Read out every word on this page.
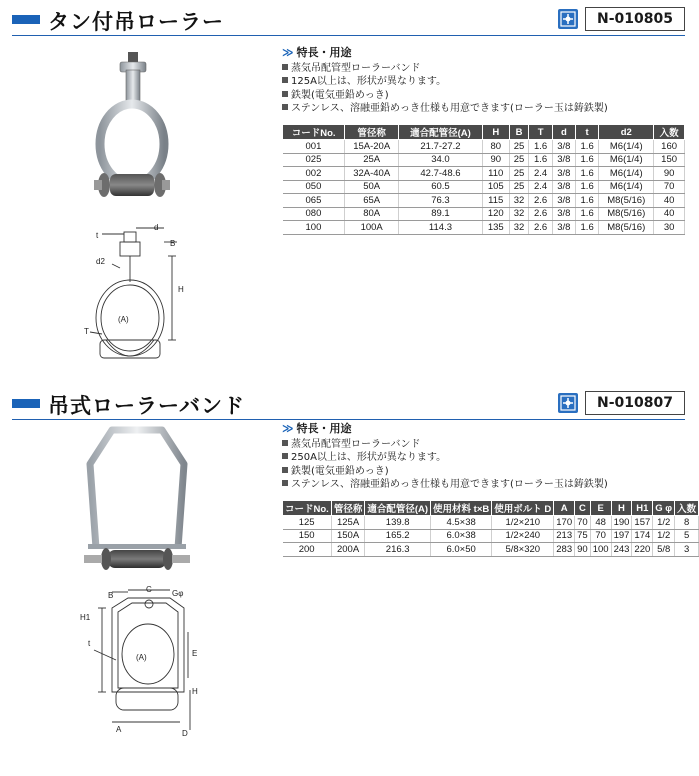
タン付吊ローラー	N-010805
t
d
B
d2
H
(A)
T
≫ 特長・用途
蒸気吊配管型ローラーバンド
125A以上は、形状が異なります。
鉄製(電気亜鉛めっき)
ステンレス、溶融亜鉛めっき仕様も用意できます(ローラー玉は鋳鉄製)
コードNo.	管径称	適合配管径(A)	H	B	T	d	t	d2	入数
001	15A-20A	21.7-27.2	80	25	1.6	3/8	1.6	M6(1/4)	160
025	25A	34.0	90	25	1.6	3/8	1.6	M6(1/4)	150
002	32A-40A	42.7-48.6	110	25	2.4	3/8	1.6	M6(1/4)	90
050	50A	60.5	105	25	2.4	3/8	1.6	M6(1/4)	70
065	65A	76.3	115	32	2.6	3/8	1.6	M8(5/16)	40
080	80A	89.1	120	32	2.6	3/8	1.6	M8(5/16)	40
100	100A	114.3	135	32	2.6	3/8	1.6	M8(5/16)	30
吊式ローラーバンド	N-010807
B
C	Gφ
H1
E
t
(A)
H
A	D
≫ 特長・用途
蒸気吊配管型ローラーバンド
250A以上は、形状が異なります。
鉄製(電気亜鉛めっき)
ステンレス、溶融亜鉛めっき仕様も用意できます(ローラー玉は鋳鉄製)
コードNo.	管径称	適合配管径(A)	使用材料 t×B	使用ボルト D	A	C	E	H	H1	G φ	入数
125	125A	139.8	4.5×38	1/2×210	170	70	48	190	157	1/2	8
150	150A	165.2	6.0×38	1/2×240	213	75	70	197	174	1/2	5
200	200A	216.3	6.0×50	5/8×320	283	90	100	243	220	5/8	3
